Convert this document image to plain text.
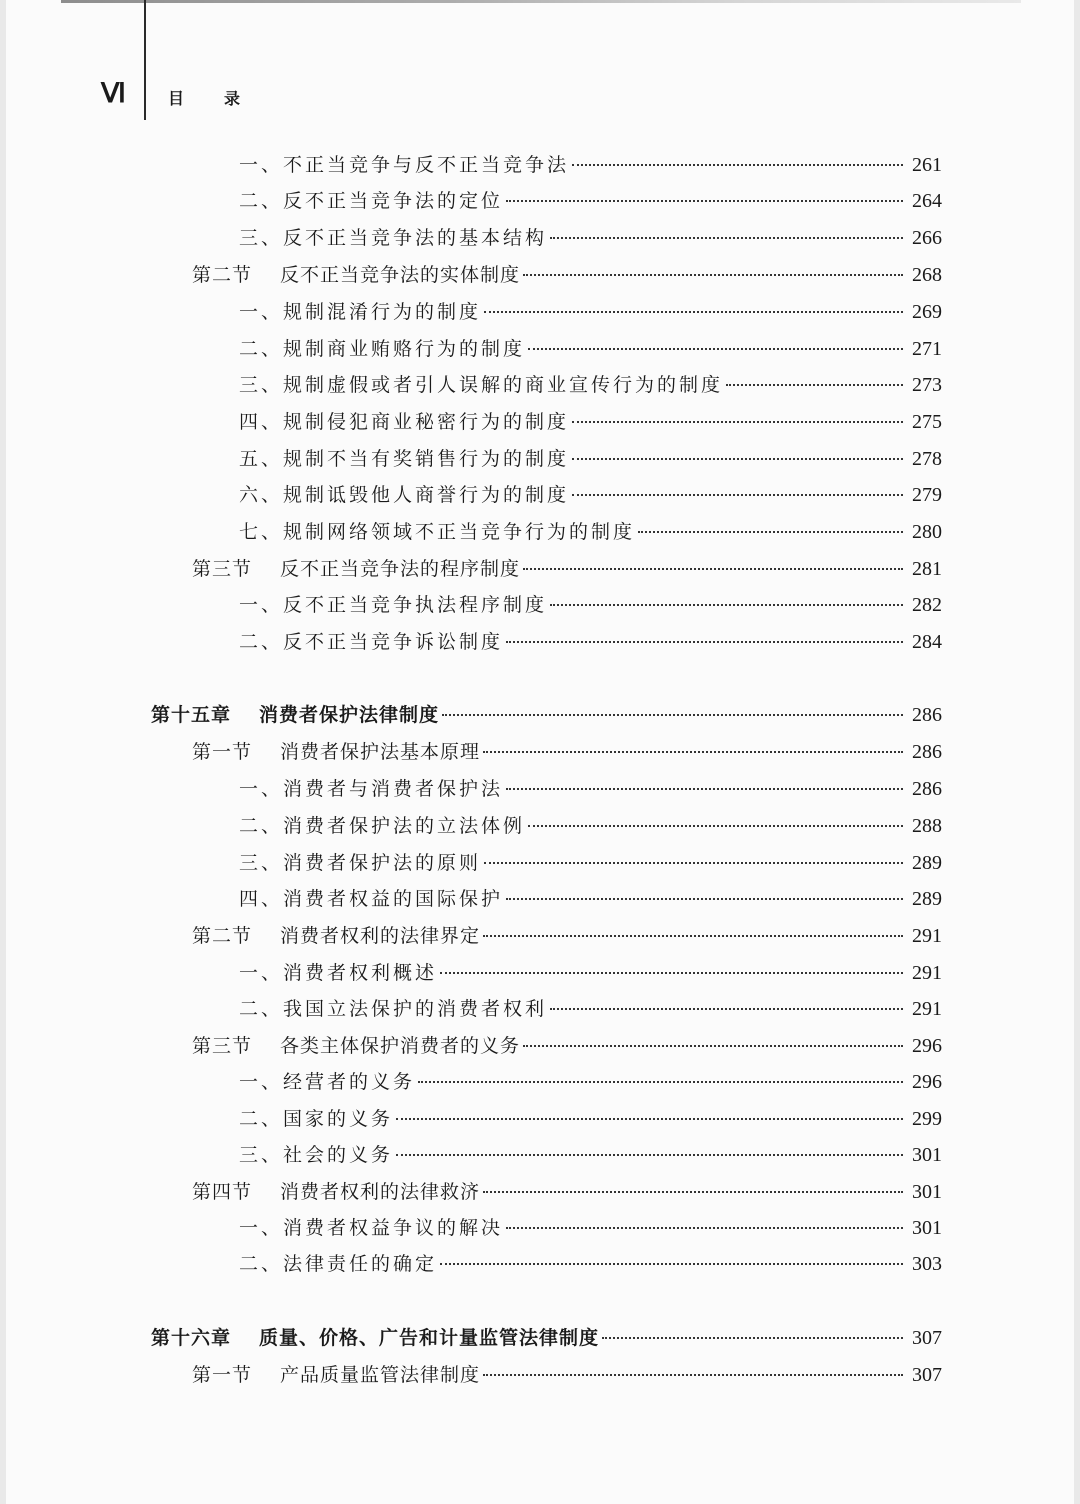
Ⅵ	目录
一、不正当竞争与反不正当竞争法	261
二、反不正当竞争法的定位	264
三、反不正当竞争法的基本结构	266
第二节 反不正当竞争法的实体制度	268
一、规制混淆行为的制度	269
二、规制商业贿赂行为的制度	271
三、规制虚假或者引人误解的商业宣传行为的制度	273
四、规制侵犯商业秘密行为的制度	275
五、规制不当有奖销售行为的制度	278
六、规制诋毁他人商誉行为的制度	279
七、规制网络领域不正当竞争行为的制度	280
第三节 反不正当竞争法的程序制度	281
一、反不正当竞争执法程序制度	282
二、反不正当竞争诉讼制度	284
第十五章 消费者保护法律制度	286
第一节 消费者保护法基本原理	286
一、消费者与消费者保护法	286
二、消费者保护法的立法体例	288
三、消费者保护法的原则	289
四、消费者权益的国际保护	289
第二节 消费者权利的法律界定	291
一、消费者权利概述	291
二、我国立法保护的消费者权利	291
第三节 各类主体保护消费者的义务	296
一、经营者的义务	296
二、国家的义务	299
三、社会的义务	301
第四节 消费者权利的法律救济	301
一、消费者权益争议的解决	301
二、法律责任的确定	303
第十六章 质量、价格、广告和计量监管法律制度	307
第一节 产品质量监管法律制度	307
